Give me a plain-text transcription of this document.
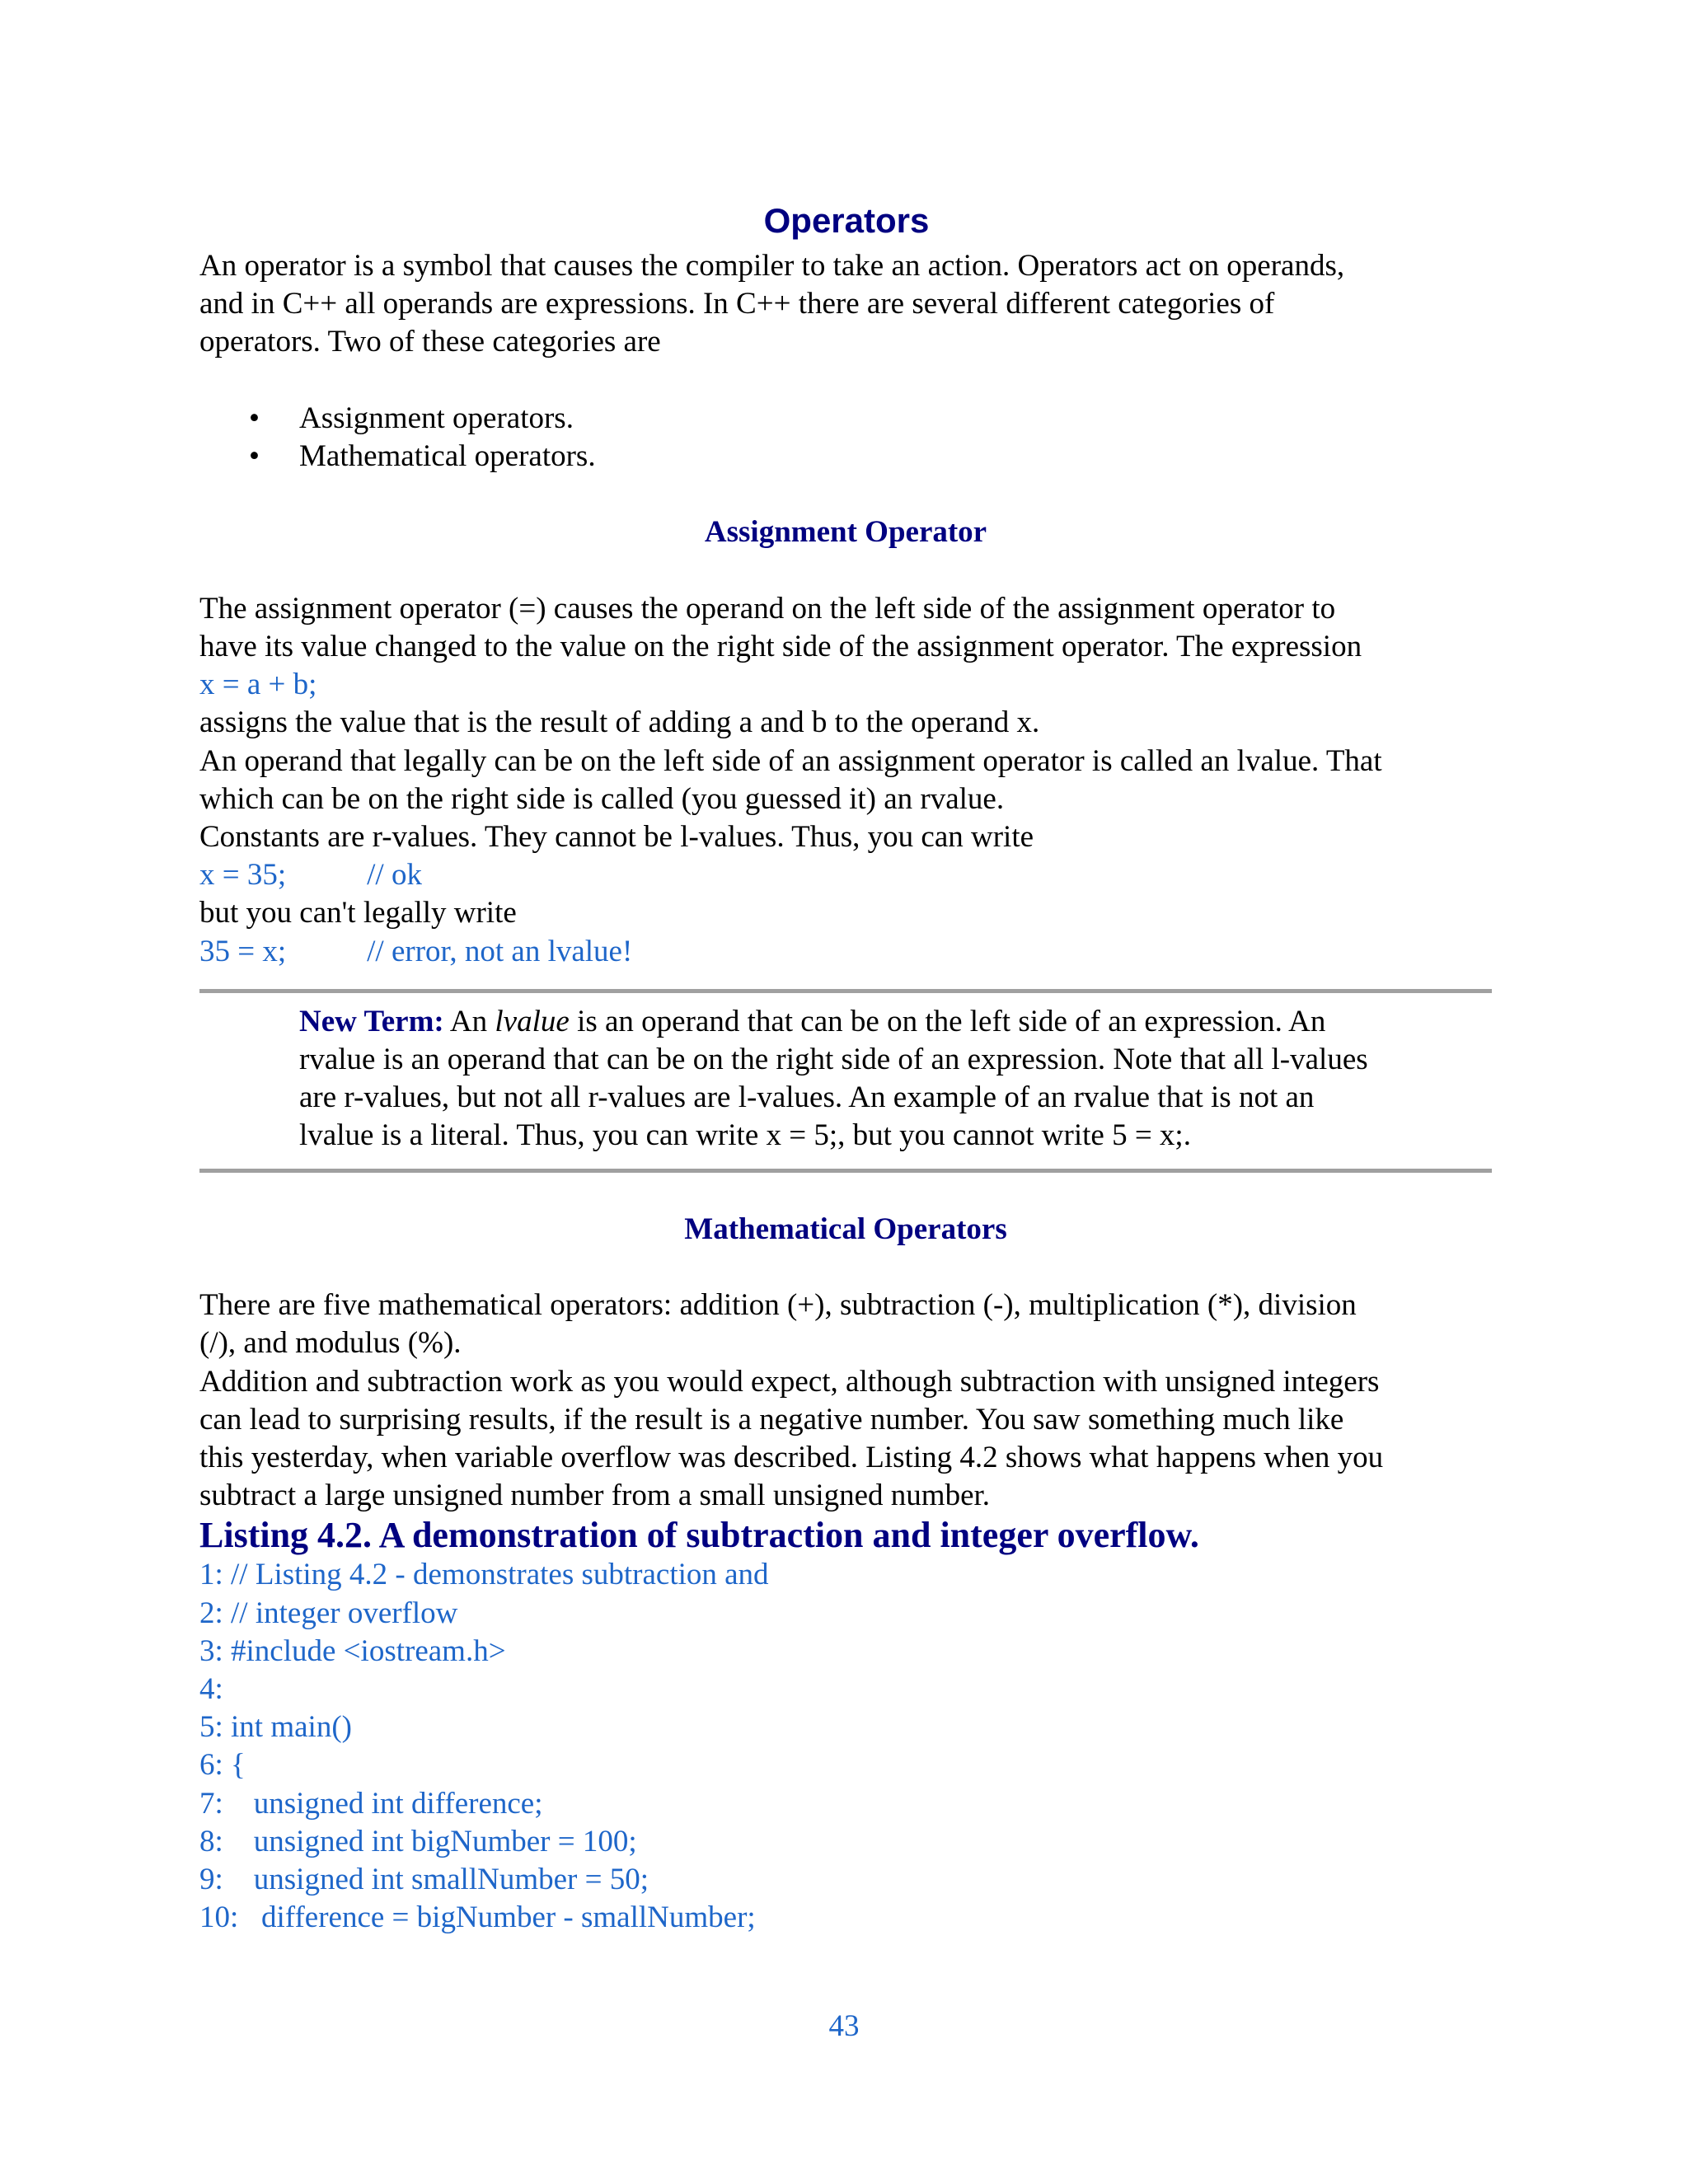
Operators
An operator is a symbol that causes the compiler to take an action. Operators act on operands,
and in C++ all operands are expressions. In C++ there are several different categories of
operators. Two of these categories are
• Assignment operators.
• Mathematical operators.
Assignment Operator
The assignment operator (=) causes the operand on the left side of the assignment operator to
have its value changed to the value on the right side of the assignment operator. The expression
x = a + b;
assigns the value that is the result of adding a and b to the operand x.
An operand that legally can be on the left side of an assignment operator is called an lvalue. That
which can be on the right side is called (you guessed it) an rvalue.
Constants are r-values. They cannot be l-values. Thus, you can write
x = 35;	// ok
but you can't legally write
35 = x;	// error, not an lvalue!
New Term: An lvalue is an operand that can be on the left side of an expression. An
rvalue is an operand that can be on the right side of an expression. Note that all l-values
are r-values, but not all r-values are l-values. An example of an rvalue that is not an
lvalue is a literal. Thus, you can write x = 5;, but you cannot write 5 = x;.
Mathematical Operators
There are five mathematical operators: addition (+), subtraction (-), multiplication (*), division
(/), and modulus (%).
Addition and subtraction work as you would expect, although subtraction with unsigned integers
can lead to surprising results, if the result is a negative number. You saw something much like
this yesterday, when variable overflow was described. Listing 4.2 shows what happens when you
subtract a large unsigned number from a small unsigned number.
Listing 4.2. A demonstration of subtraction and integer overflow.
1: // Listing 4.2 - demonstrates subtraction and
2: // integer overflow
3: #include <iostream.h>
4:
5: int main()
6: {
7:    unsigned int difference;
8:    unsigned int bigNumber = 100;
9:    unsigned int smallNumber = 50;
10:   difference = bigNumber - smallNumber;
43
